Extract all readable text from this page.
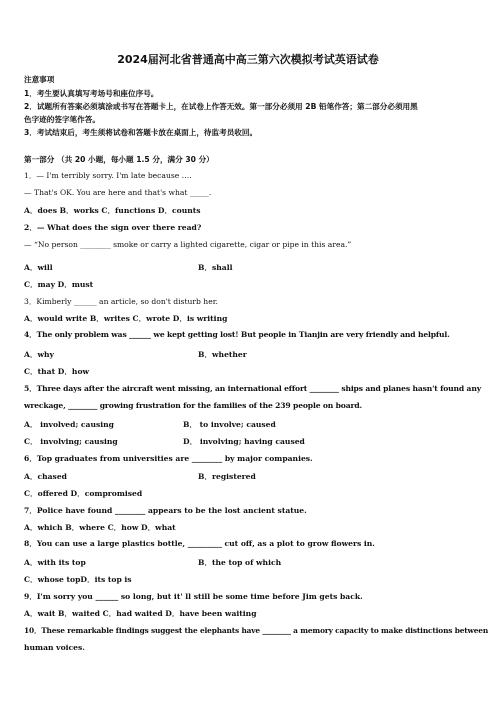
2024届河北省普通高中高三第六次模拟考试英语试卷
注意事项
1．考生要认真填写考场号和座位序号。
2．试题所有答案必须填涂或书写在答题卡上，在试卷上作答无效。第一部分必须用 2B 铅笔作答；第二部分必须用黑
色字迹的签字笔作答。
3．考试结束后，考生须将试卷和答题卡放在桌面上，待监考员收回。
第一部分 （共 20 小题，每小题 1.5 分，满分 30 分）
1．— I'm terribly sorry. I'm late because ….
— That's OK. You are here and that's what _____.
A．does B．works C．functions D．counts
2．— What does the sign over there read?
— “No person ________ smoke or carry a lighted cigarette, cigar or pipe in this area.”
A．will	B．shall
C．may D．must
3．Kimberly ______ an article, so don't disturb her.
A．would write B．writes C．wrote D．is writing
4．The only problem was ______ we kept getting lost! But people in Tianjin are very friendly and helpful.
A．why	B．whether
C．that D．how
5．Three days after the aircraft went missing, an international effort ________ ships and planes hasn't found any
wreckage, ________ growing frustration for the families of the 239 people on board.
A． involved; causing	B． to involve; caused
C． involving; causing	D． involving; having caused
6．Top graduates from universities are ________ by major companies.
A．chased	B．registered
C．offered D．compromised
7．Police have found ________ appears to be the lost ancient statue.
A．which B．where C．how D．what
8．You can use a large plastics bottle, _________ cut off, as a plot to grow flowers in.
A．with its top	B．the top of which
C．whose topD．its top is
9．I'm sorry you ______ so long, but it' ll still be some time before Jim gets back.
A．wait B．waited C．had waited D．have been waiting
10．These remarkable findings suggest the elephants have ________ a memory capacity to make distinctions between
human voices.
